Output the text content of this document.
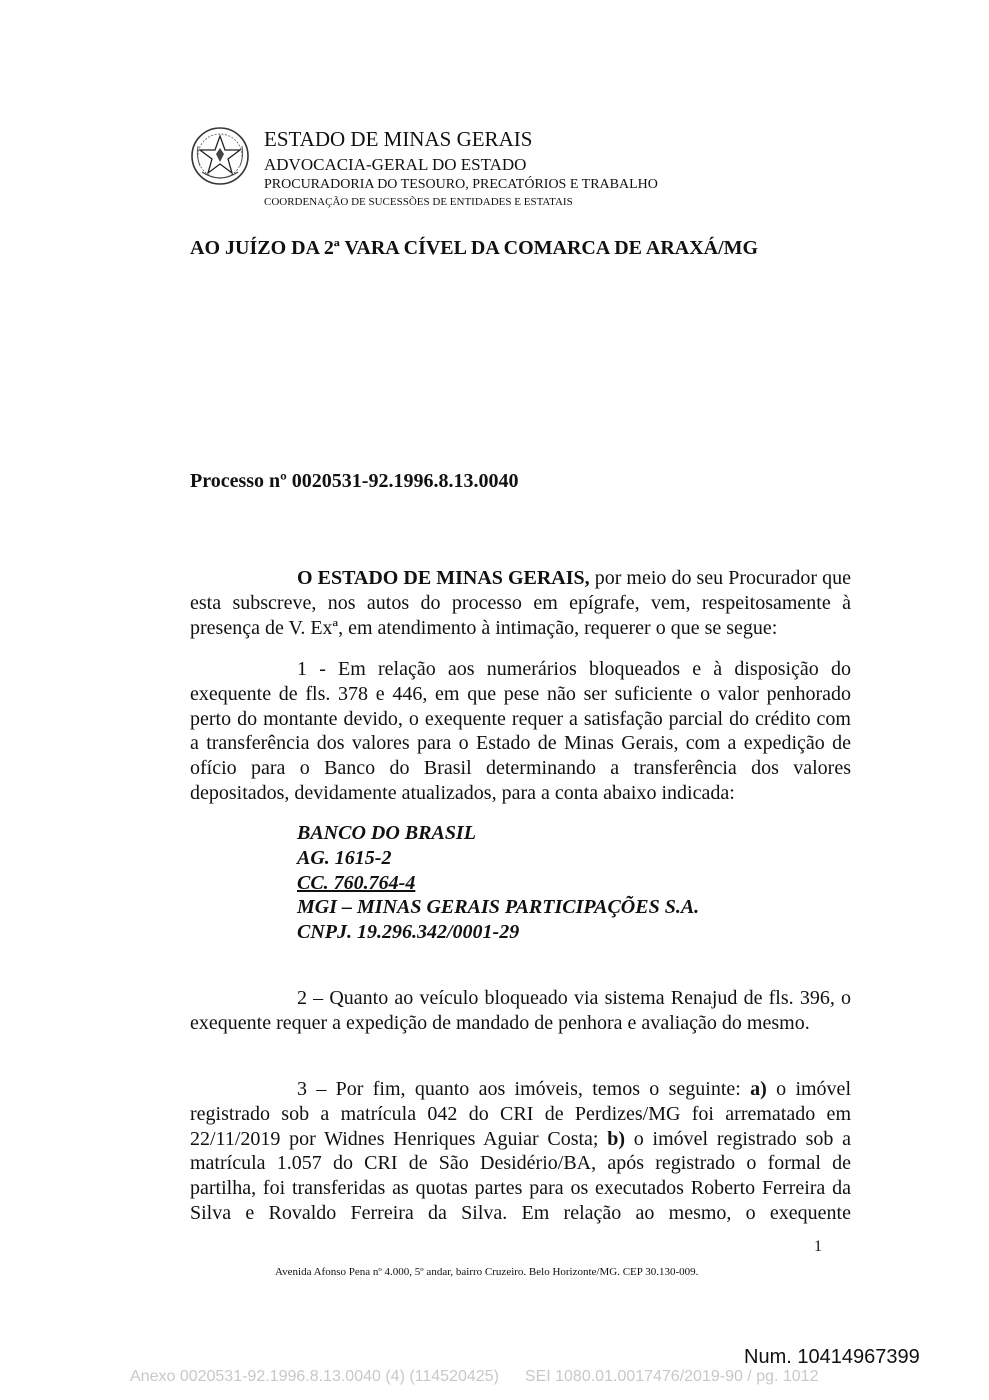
ESTADO DE MINAS GERAIS
ADVOCACIA-GERAL DO ESTADO
PROCURADORIA DO TESOURO, PRECATÓRIOS E TRABALHO
COORDENAÇÃO DE SUCESSÕES DE ENTIDADES E ESTATAIS
AO JUÍZO DA 2ª VARA CÍVEL DA COMARCA DE ARAXÁ/MG
Processo nº 0020531-92.1996.8.13.0040

O ESTADO DE MINAS GERAIS, por meio do seu Procurador que esta subscreve, nos autos do processo em epígrafe, vem, respeitosamente à presença de V. Exª, em atendimento à intimação, requerer o que se segue:

1 - Em relação aos numerários bloqueados e à disposição do exequente de fls. 378 e 446, em que pese não ser suficiente o valor penhorado perto do montante devido, o exequente requer a satisfação parcial do crédito com a transferência dos valores para o Estado de Minas Gerais, com a expedição de ofício para o Banco do Brasil determinando a transferência dos valores depositados, devidamente atualizados, para a conta abaixo indicada:

BANCO DO BRASIL
AG. 1615-2
CC. 760.764-4
MGI – MINAS GERAIS PARTICIPAÇÕES S.A.
CNPJ. 19.296.342/0001-29

2 – Quanto ao veículo bloqueado via sistema Renajud de fls. 396, o exequente requer a expedição de mandado de penhora e avaliação do mesmo.

3 – Por fim, quanto aos imóveis, temos o seguinte: a) o imóvel registrado sob a matrícula 042 do CRI de Perdizes/MG foi arrematado em 22/11/2019 por Widnes Henriques Aguiar Costa; b) o imóvel registrado sob a matrícula 1.057 do CRI de São Desidério/BA, após registrado o formal de partilha, foi transferidas as quotas partes para os executados Roberto Ferreira da Silva e Rovaldo Ferreira da Silva. Em relação ao mesmo, o exequente

1
Avenida Afonso Pena nº 4.000, 5º andar, bairro Cruzeiro. Belo Horizonte/MG. CEP 30.130-009.
Num. 10414967399
Anexo 0020531-92.1996.8.13.0040 (4) (114520425) SEI 1080.01.0017476/2019-90 / pg. 1012
